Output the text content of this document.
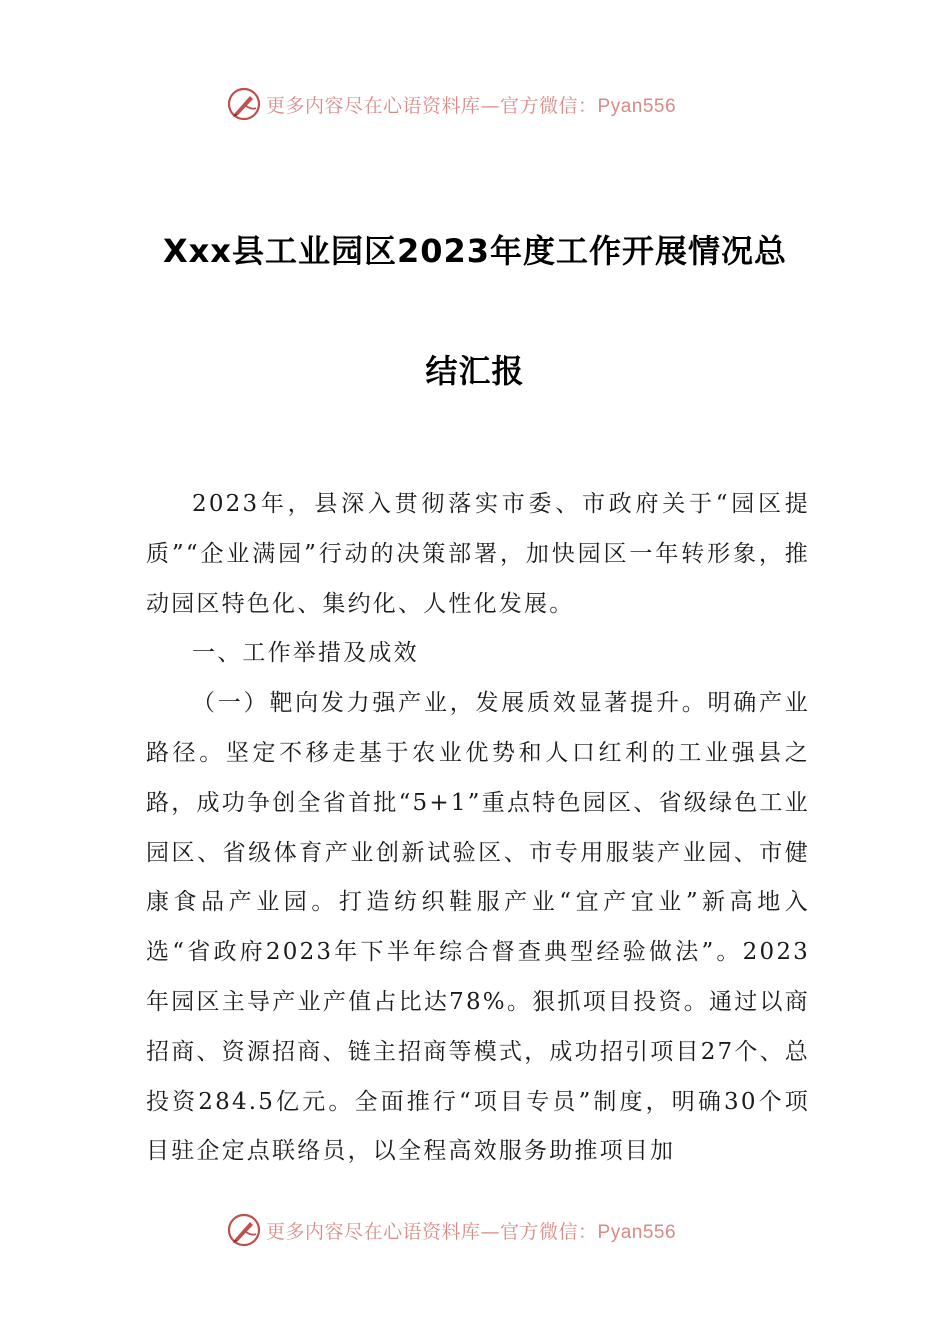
更多内容尽在心语资料库—官方微信：Pyan556
Xxx县工业园区2023年度工作开展情况总
结汇报

2023年，县深入贯彻落实市委、市政府关于“园区提质”“企业满园”行动的决策部署，加快园区一年转形象，推动园区特色化、集约化、人性化发展。

一、工作举措及成效

（一）靶向发力强产业，发展质效显著提升。明确产业路径。坚定不移走基于农业优势和人口红利的工业强县之路，成功争创全省首批“5+1”重点特色园区、省级绿色工业园区、省级体育产业创新试验区、市专用服装产业园、市健康食品产业园。打造纺织鞋服产业“宜产宜业”新高地入选“省政府2023年下半年综合督查典型经验做法”。2023年园区主导产业产值占比达78%。狠抓项目投资。通过以商招商、资源招商、链主招商等模式，成功招引项目27个、总投资284.5亿元。全面推行“项目专员”制度，明确30个项目驻企定点联络员，以全程高效服务助推项目加

更多内容尽在心语资料库—官方微信：Pyan556
